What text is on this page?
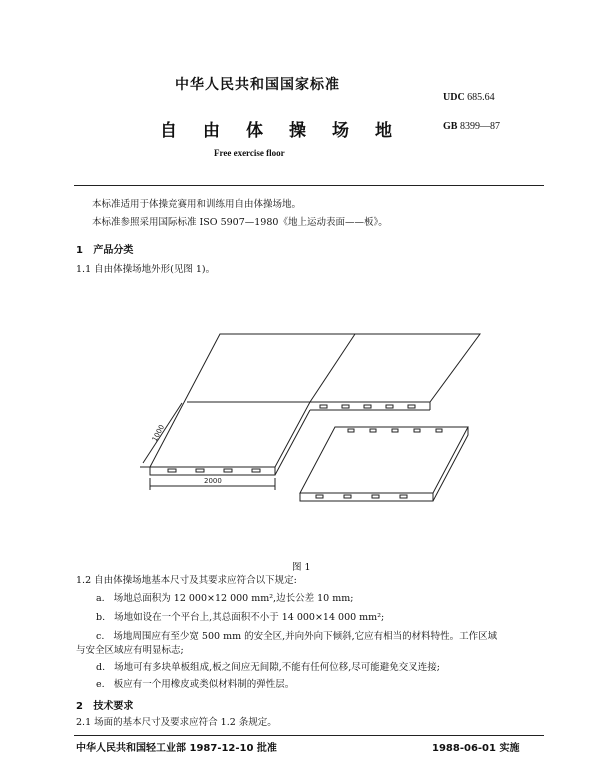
中华人民共和国国家标准
UDC 685.64
自由体操场地	GB 8399—87
Free exercise floor
本标准适用于体操竞赛用和训练用自由体操场地。
本标准参照采用国际标准 ISO 5907—1980《地上运动表面——板》。
1 产品分类
1.1 自由体操场地外形(见图 1)。
2000
1000
图 1
1.2 自由体操场地基本尺寸及其要求应符合以下规定:
a. 场地总面积为 12 000×12 000 mm²,边长公差 10 mm;
b. 场地如设在一个平台上,其总面积不小于 14 000×14 000 mm²;
c. 场地周围应有至少宽 500 mm 的安全区,并向外向下倾斜,它应有相当的材料特性。工作区域
与安全区域应有明显标志;
d. 场地可有多块单板组成,板之间应无间隙,不能有任何位移,尽可能避免交叉连接;
e. 板应有一个用橡皮或类似材料制的弹性层。
2 技术要求
2.1 场面的基本尺寸及要求应符合 1.2 条规定。
中华人民共和国轻工业部 1987-12-10 批准	1988-06-01 实施
